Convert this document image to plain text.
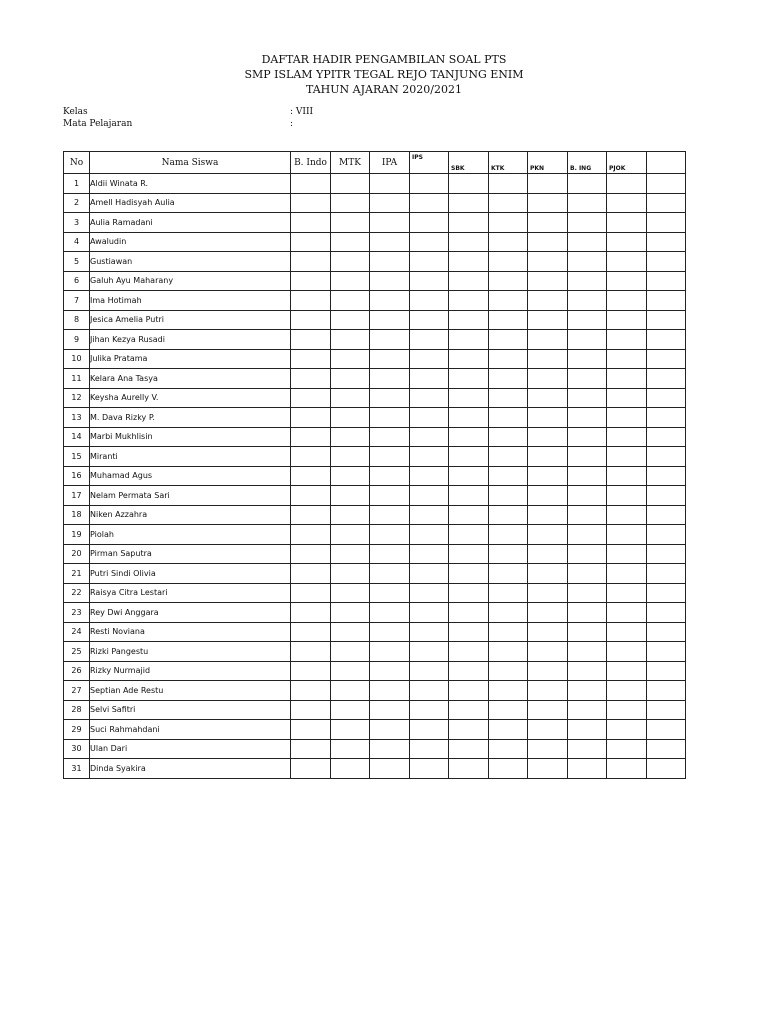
DAFTAR HADIR PENGAMBILAN SOAL PTS
SMP ISLAM YPITR TEGAL REJO TANJUNG ENIM
TAHUN AJARAN 2020/2021
Kelas	: VIII
Mata Pelajaran	:
No	Nama Siswa	B. Indo	MTK	IPA	IPS	SBK	KTK	PKN	B. ING	PJOK	
1	Aldii Winata R.										
2	Amell Hadisyah Aulia										
3	Aulia Ramadani										
4	Awaludin										
5	Gustiawan										
6	Galuh Ayu Maharany										
7	Ima Hotimah										
8	Jesica Amelia Putri										
9	Jihan Kezya Rusadi										
10	Julika Pratama										
11	Kelara Ana Tasya										
12	Keysha Aurelly V.										
13	M. Dava Rizky P.										
14	Marbi Mukhlisin										
15	Miranti										
16	Muhamad Agus										
17	Nelam Permata Sari										
18	Niken Azzahra										
19	Piolah										
20	Pirman Saputra										
21	Putri Sindi Olivia										
22	Raisya Citra Lestari										
23	Rey Dwi Anggara										
24	Resti Noviana										
25	Rizki Pangestu										
26	Rizky Nurmajid										
27	Septian Ade Restu										
28	Selvi Safitri										
29	Suci Rahmahdani										
30	Ulan Dari										
31	Dinda Syakira										
